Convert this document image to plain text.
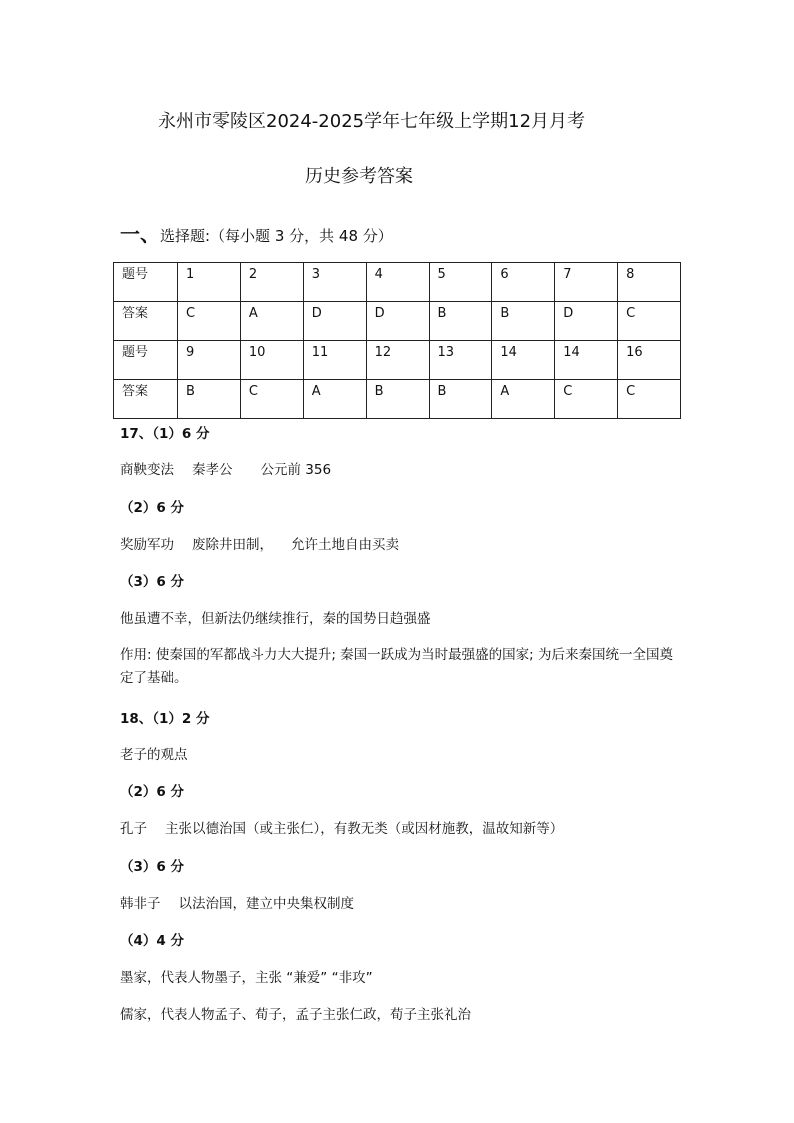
永州市零陵区2024-2025学年七年级上学期12月月考
历史参考答案
一、选择题:（每小题 3 分，共 48 分）
题号	1	2	3	4	5	6	7	8
答案	C	A	D	D	B	B	D	C
题号	9	10	11	12	13	14	14	16
答案	B	C	A	B	B	A	C	C
17、（1）6 分
商鞅变法 秦孝公 公元前 356
（2）6 分
奖励军功 废除井田制， 允许土地自由买卖
（3）6 分
他虽遭不幸，但新法仍继续推行，秦的国势日趋强盛
作用: 使秦国的军都战斗力大大提升; 秦国一跃成为当时最强盛的国家; 为后来秦国统一全国奠定了基础。
18、（1）2 分
老子的观点
（2）6 分
孔子 主张以德治国（或主张仁），有教无类（或因材施教，温故知新等）
（3）6 分
韩非子 以法治国，建立中央集权制度
（4）4 分
墨家，代表人物墨子，主张 “兼爱” “非攻”
儒家，代表人物孟子、荀子，孟子主张仁政，荀子主张礼治
